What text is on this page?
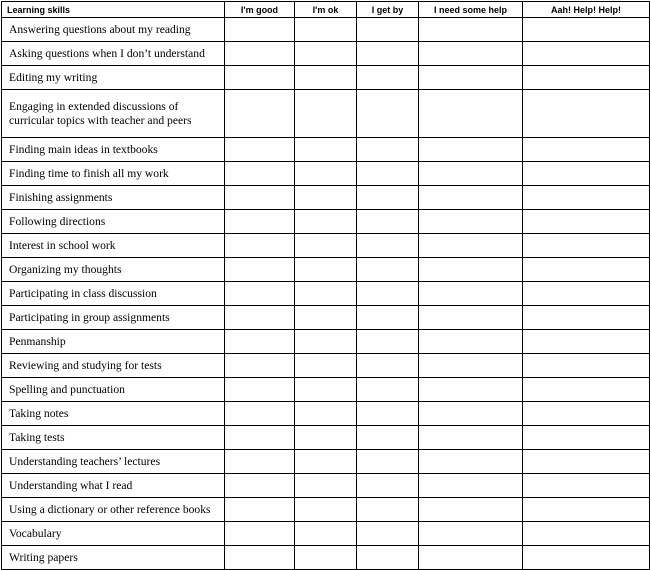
Learning skills	I'm good	I'm ok	I get by	I need some help	Aah! Help! Help!
Answering questions about my reading					
Asking questions when I don’t understand					
Editing my writing					
Engaging in extended discussions of curricular topics with teacher and peers					
Finding main ideas in textbooks					
Finding time to finish all my work					
Finishing assignments					
Following directions					
Interest in school work					
Organizing my thoughts					
Participating in class discussion					
Participating in group assignments					
Penmanship					
Reviewing and studying for tests					
Spelling and punctuation					
Taking notes					
Taking tests					
Understanding teachers’ lectures					
Understanding what I read					
Using a dictionary or other reference books					
Vocabulary					
Writing papers					
